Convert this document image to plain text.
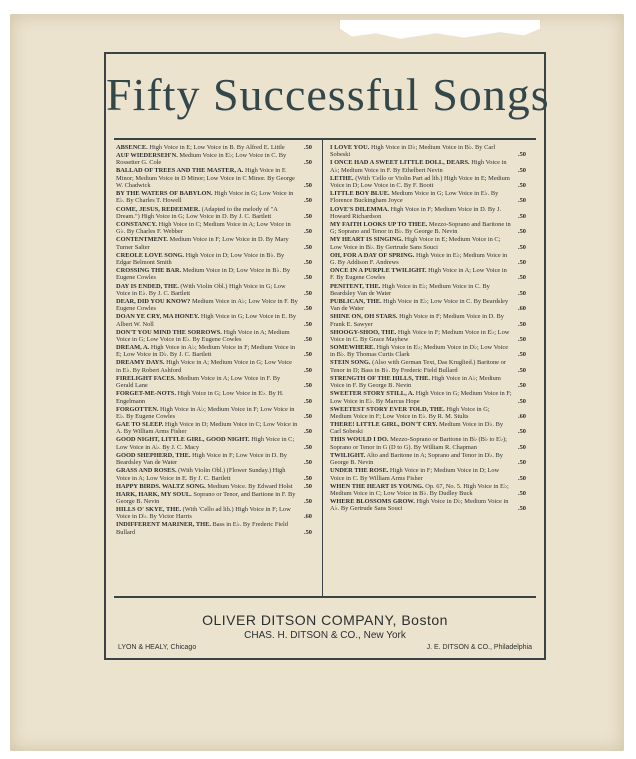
Fifty Successful Songs
ABSENCE. High Voice in E; Low Voice in B. By Alfred E. Little	.50
AUF WIEDERSEH'N. Medium Voice in E♭; Low Voice in C. By Rossetter G. Cole	.50
BALLAD OF TREES AND THE MASTER, A. High Voice in E Minor; Medium Voice in D Minor; Low Voice in C Minor. By George W. Chadwick	.50
BY THE WATERS OF BABYLON. High Voice in G; Low Voice in E♭. By Charles T. Howell	.50
COME, JESUS, REDEEMER. (Adapted to the melody of "A Dream.") High Voice in G; Low Voice in D. By J. C. Bartlett	.50
CONSTANCY. High Voice in C; Medium Voice in A; Low Voice in G♭. By Charles F. Webber	.50
CONTENTMENT. Medium Voice in F; Low Voice in D. By Mary Turner Salter	.50
CREOLE LOVE SONG. High Voice in D; Low Voice in B♭. By Edgar Belmont Smith	.50
CROSSING THE BAR. Medium Voice in D; Low Voice in B♭. By Eugene Cowles	.50
DAY IS ENDED, THE. (With Violin Obl.) High Voice in G; Low Voice in E♭. By J. C. Bartlett	.50
DEAR, DID YOU KNOW? Medium Voice in A♭; Low Voice in F. By Eugene Cowles	.50
DOAN YE CRY, MA HONEY. High Voice in G; Low Voice in E. By Albert W. Noll	.50
DON'T YOU MIND THE SORROWS. High Voice in A; Medium Voice in G; Low Voice in E♭. By Eugene Cowles	.50
DREAM, A. High Voice in A♭; Medium Voice in F; Medium Voice in E; Low Voice in D♭. By J. C. Bartlett	.50
DREAMY DAYS. High Voice in A; Medium Voice in G; Low Voice in E♭. By Robert Ashford	.50
FIRELIGHT FACES. Medium Voice in A; Low Voice in F. By Gerald Lane	.50
FORGET-ME-NOTS. High Voice in G; Low Voice in E♭. By H. Engelmann	.50
FORGOTTEN. High Voice in A♭; Medium Voice in F; Low Voice in E♭. By Eugene Cowles	.50
GAE TO SLEEP. High Voice in D; Medium Voice in C; Low Voice in A. By William Arms Fisher	.50
GOOD NIGHT, LITTLE GIRL, GOOD NIGHT. High Voice in C; Low Voice in A♭. By J. C. Macy	.50
GOOD SHEPHERD, THE. High Voice in F; Low Voice in D. By Beardsley Van de Water	.50
GRASS AND ROSES. (With Violin Obl.) (Flower Sunday.) High Voice in A; Low Voice in E. By J. C. Bartlett	.50
HAPPY BIRDS. WALTZ SONG. Medium Voice. By Edward Holst .50
HARK, HARK, MY SOUL. Soprano or Tenor, and Baritone in F. By George B. Nevin	.50
HILLS O' SKYE, THE. (With 'Cello ad lib.) High Voice in F; Low Voice in D♭. By Victor Harris	.60
INDIFFERENT MARINER, THE. Bass in E♭. By Frederic Field Bullard	.50
I LOVE YOU. High Voice in D♭; Medium Voice in B♭. By Carl Sobeski	.50
I ONCE HAD A SWEET LITTLE DOLL, DEARS. High Voice in A♭; Medium Voice in F. By Ethelbert Nevin	.50
LETHE. (With 'Cello or Violin Part ad lib.) High Voice in E; Medium Voice in D; Low Voice in C. By F. Boott	.50
LITTLE BOY BLUE. Medium Voice in G; Low Voice in E♭. By Florence Buckingham Joyce	.50
LOVE'S DILEMMA. High Voice in F; Medium Voice in D. By J. Howard Richardson	.50
MY FAITH LOOKS UP TO THEE. Mezzo-Soprano and Baritone in G; Soprano and Tenor in B♭. By George B. Nevin	.50
MY HEART IS SINGING. High Voice in E; Medium Voice in C; Low Voice in B♭. By Gertrude Sans Souci	.50
OH, FOR A DAY OF SPRING. High Voice in E♭; Medium Voice in G. By Addison F. Andrews	.50
ONCE IN A PURPLE TWILIGHT. High Voice in A; Low Voice in F. By Eugene Cowles	.50
PENITENT, THE. High Voice in E♭; Medium Voice in C. By Beardsley Van de Water	.50
PUBLICAN, THE. High Voice in E♭; Low Voice in C. By Beardsley Van de Water	.60
SHINE ON, OH STARS. High Voice in F; Medium Voice in D. By Frank E. Sawyer	.50
SHOOGY-SHOO, THE. High Voice in F; Medium Voice in E♭; Low Voice in C. By Grace Mayhew	.50
SOMEWHERE. High Voice in E♭; Medium Voice in D♭; Low Voice in B♭. By Thomas Curtis Clark	.50
STEIN SONG. (Also with German Text, Das Kruglied.) Baritone or Tenor in D; Bass in B♭. By Frederic Field Bullard	.50
STRENGTH OF THE HILLS, THE. High Voice in A♭; Medium Voice in F. By George B. Nevin	.50
SWEETER STORY STILL, A. High Voice in G; Medium Voice in F; Low Voice in E♭. By Marcus Hope	.50
SWEETEST STORY EVER TOLD, THE. High Voice in G; Medium Voice in F; Low Voice in E♭. By R. M. Stults	.60
THERE! LITTLE GIRL, DON'T CRY. Medium Voice in D♭. By Carl Sobeski	.50
THIS WOULD I DO. Mezzo-Soprano or Baritone in B♭ (B♭ to E♭); Soprano or Tenor in G (D to G). By William R. Chapman	.50
TWILIGHT. Alto and Baritone in A; Soprano and Tenor in D♭. By George B. Nevin	.50
UNDER THE ROSE. High Voice in F; Medium Voice in D; Low Voice in C. By William Arms Fisher	.50
WHEN THE HEART IS YOUNG. Op. 67, No. 5. High Voice in E♭; Medium Voice in C; Low Voice in B♭. By Dudley Buck	.50
WHERE BLOSSOMS GROW. High Voice in D♭; Medium Voice in A♭. By Gertrude Sans Souci	.50
OLIVER DITSON COMPANY, Boston
CHAS. H. DITSON & CO., New York
LYON & HEALY, Chicago	J. E. DITSON & CO., Philadelphia
